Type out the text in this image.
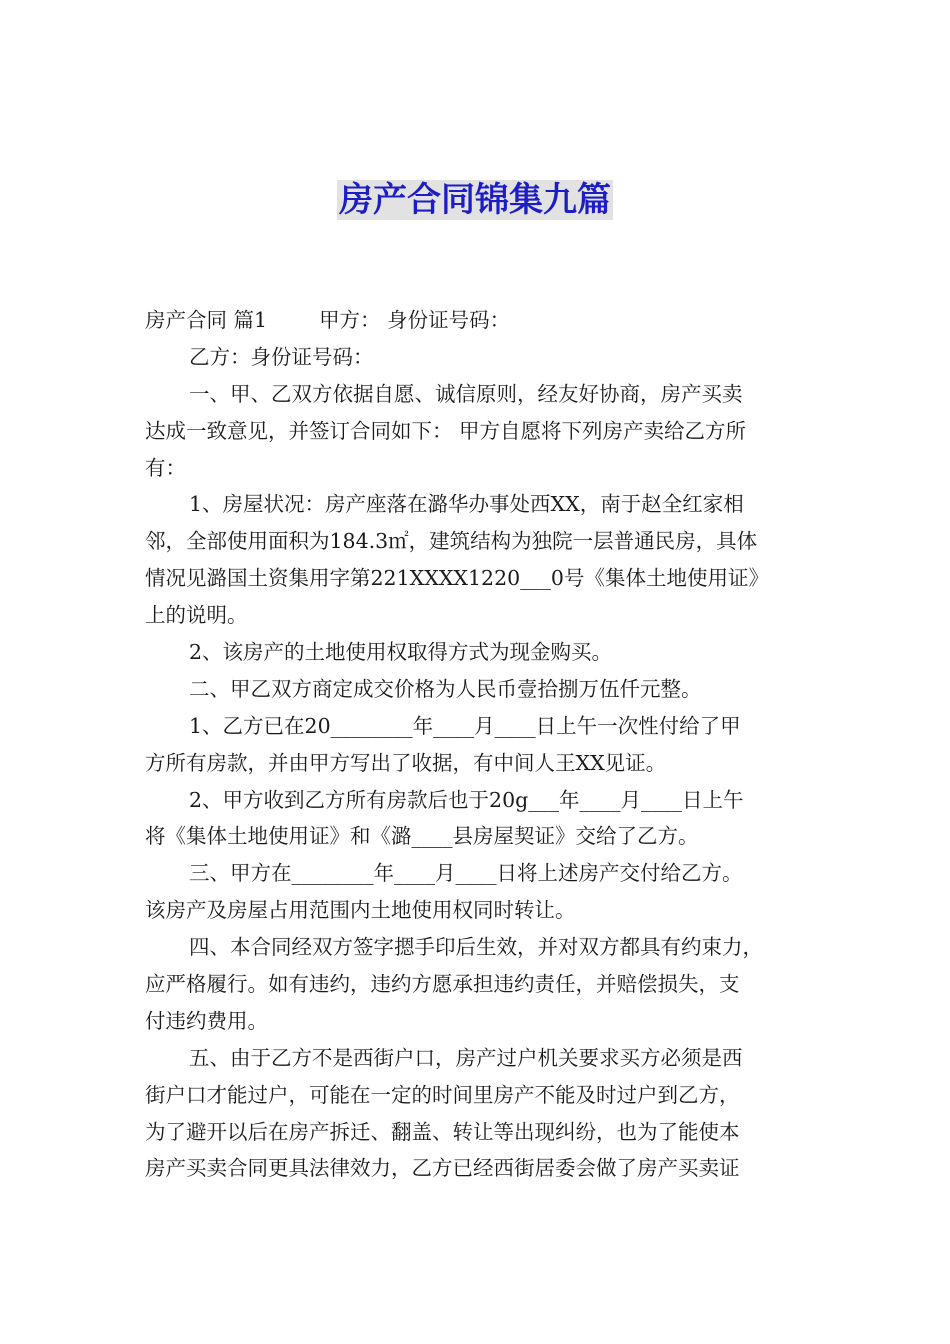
房产合同锦集九篇
房产合同 篇1	甲方： 身份证号码：
乙方：身份证号码：
一、甲、乙双方依据自愿、诚信原则，经友好协商，房产买卖
达成一致意见，并签订合同如下： 甲方自愿将下列房产卖给乙方所
有：
1、房屋状况：房产座落在潞华办事处西XX，南于赵全红家相
邻，全部使用面积为184.3㎡，建筑结构为独院一层普通民房，具体
情况见潞国土资集用字第221XXXX1220___0号《集体土地使用证》
上的说明。
2、该房产的土地使用权取得方式为现金购买。
二、甲乙双方商定成交价格为人民币壹拾捌万伍仟元整。
1、乙方已在20________年____月____日上午一次性付给了甲
方所有房款，并由甲方写出了收据，有中间人王XX见证。
2、甲方收到乙方所有房款后也于20g___年____月____日上午
将《集体土地使用证》和《潞____县房屋契证》交给了乙方。
三、甲方在________年____月____日将上述房产交付给乙方。
该房产及房屋占用范围内土地使用权同时转让。
四、本合同经双方签字摁手印后生效，并对双方都具有约束力，
应严格履行。如有违约，违约方愿承担违约责任，并赔偿损失，支
付违约费用。
五、由于乙方不是西街户口，房产过户机关要求买方必须是西
街户口才能过户，可能在一定的时间里房产不能及时过户到乙方，
为了避开以后在房产拆迁、翻盖、转让等出现纠纷，也为了能使本
房产买卖合同更具法律效力，乙方已经西街居委会做了房产买卖证
